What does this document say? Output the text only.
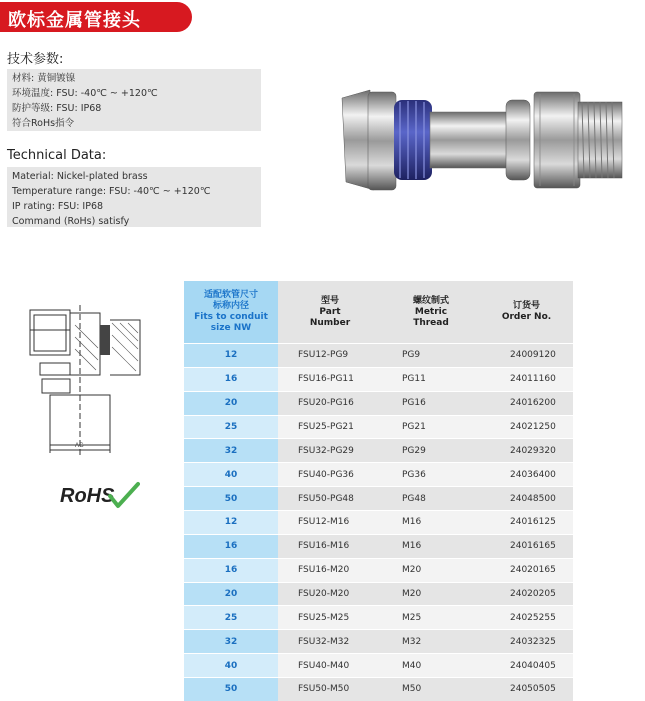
欧标金属管接头
技术参数:
材料: 黄铜镀镍
环境温度: FSU: -40℃ ~ +120℃
防护等级: FSU: IP68
符合RoHs指令
Technical Data:
Material: Nickel-plated brass
Temperature range: FSU: -40℃ ~ +120℃
IP rating: FSU: IP68
Command (RoHs) satisfy
AG
RoHS
适配软管尺寸
标称内径
Fits to conduit
size NW	型号
Part
Number	螺纹制式
Metric
Thread	订货号
Order No.

12	FSU12-PG9	PG9	24009120
16	FSU16-PG11	PG11	24011160
20	FSU20-PG16	PG16	24016200
25	FSU25-PG21	PG21	24021250
32	FSU32-PG29	PG29	24029320
40	FSU40-PG36	PG36	24036400
50	FSU50-PG48	PG48	24048500
12	FSU12-M16	M16	24016125
16	FSU16-M16	M16	24016165
16	FSU16-M20	M20	24020165
20	FSU20-M20	M20	24020205
25	FSU25-M25	M25	24025255
32	FSU32-M32	M32	24032325
40	FSU40-M40	M40	24040405
50	FSU50-M50	M50	24050505
